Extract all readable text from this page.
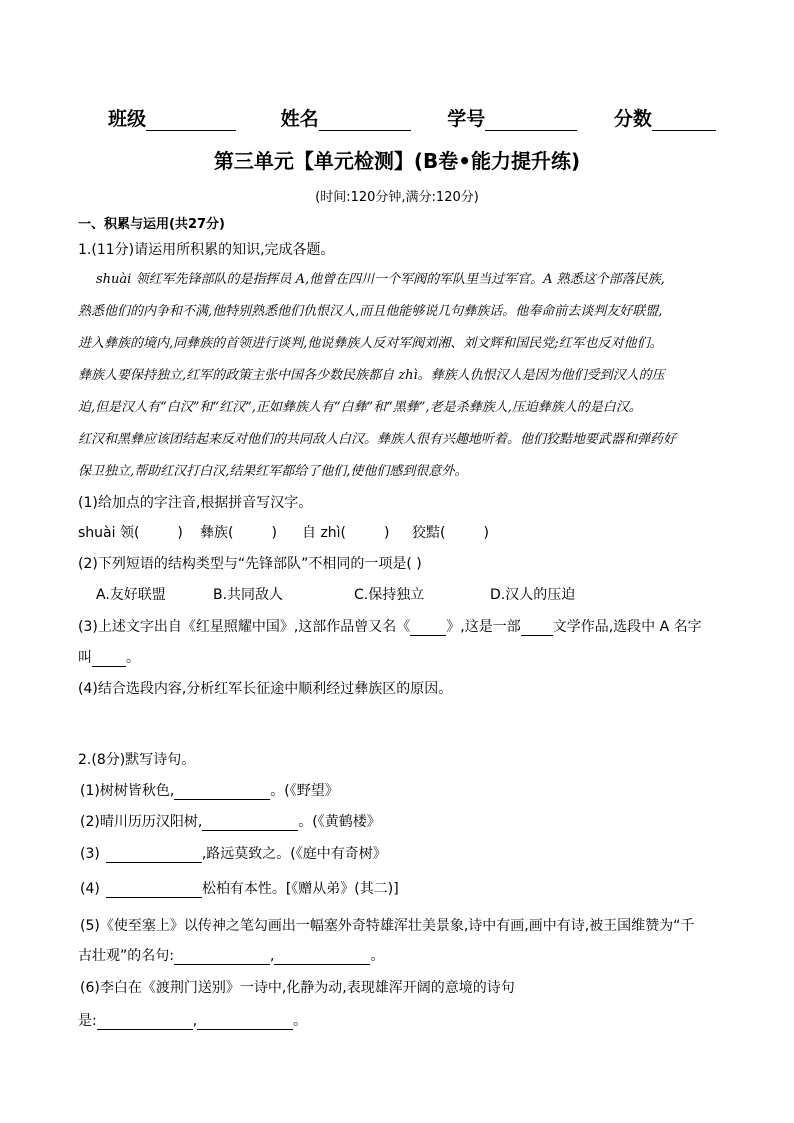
班级	姓名	学号	分数
第三单元【单元检测】(B卷•能力提升练)
(时间:120分钟,满分:120分)
一、积累与运用(共27分)
1.(11分)请运用所积累的知识,完成各题。
shuài 领红军先锋部队的是指挥员 A,他曾在四川一个军阀的军队里当过军官。A 熟悉这个部落民族,
熟悉他们的内争和不满,他特别熟悉他们仇恨汉人,而且他能够说几句彝族话。他奉命前去谈判友好联盟,
进入彝族的境内,同彝族的首领进行谈判,他说彝族人反对军阀刘湘、刘文辉和国民党;红军也反对他们。
彝族人要保持独立,红军的政策主张中国各少数民族都自 zhì。彝族人仇恨汉人是因为他们受到汉人的压
迫,但是汉人有“白汉”和“红汉”,正如彝族人有“白彝”和“黑彝”,老是杀彝族人,压迫彝族人的是白汉。
红汉和黑彝应该团结起来反对他们的共同敌人白汉。彝族人很有兴趣地听着。他们狡黠地要武器和弹药好
保卫独立,帮助红汉打白汉,结果红军都给了他们,使他们感到很意外。
(1)给加点的字注音,根据拼音写汉字。
shuài 领(	) 彝族(	) 自 zhì(	) 狡黠(	)
(2)下列短语的结构类型与“先锋部队”不相同的一项是( )
A.友好联盟	B.共同敌人	C.保持独立	D.汉人的压迫
(3)上述文字出自《红星照耀中国》,这部作品曾又名《	》,这是一部 文学作品,选段中 A 名字
叫 。
(4)结合选段内容,分析红军长征途中顺利经过彝族区的原因。
2.(8分)默写诗句。
(1)树树皆秋色,	。(《野望》
(2)晴川历历汉阳树,	。(《黄鹤楼》
(3)	,路远莫致之。(《庭中有奇树》
(4)	松柏有本性。[《赠从弟》(其二)]
(5)《使至塞上》以传神之笔勾画出一幅塞外奇特雄浑壮美景象,诗中有画,画中有诗,被王国维赞为“千
古壮观”的名句:	,	。
(6)李白在《渡荆门送别》一诗中,化静为动,表现雄浑开阔的意境的诗句
是:	,	。
